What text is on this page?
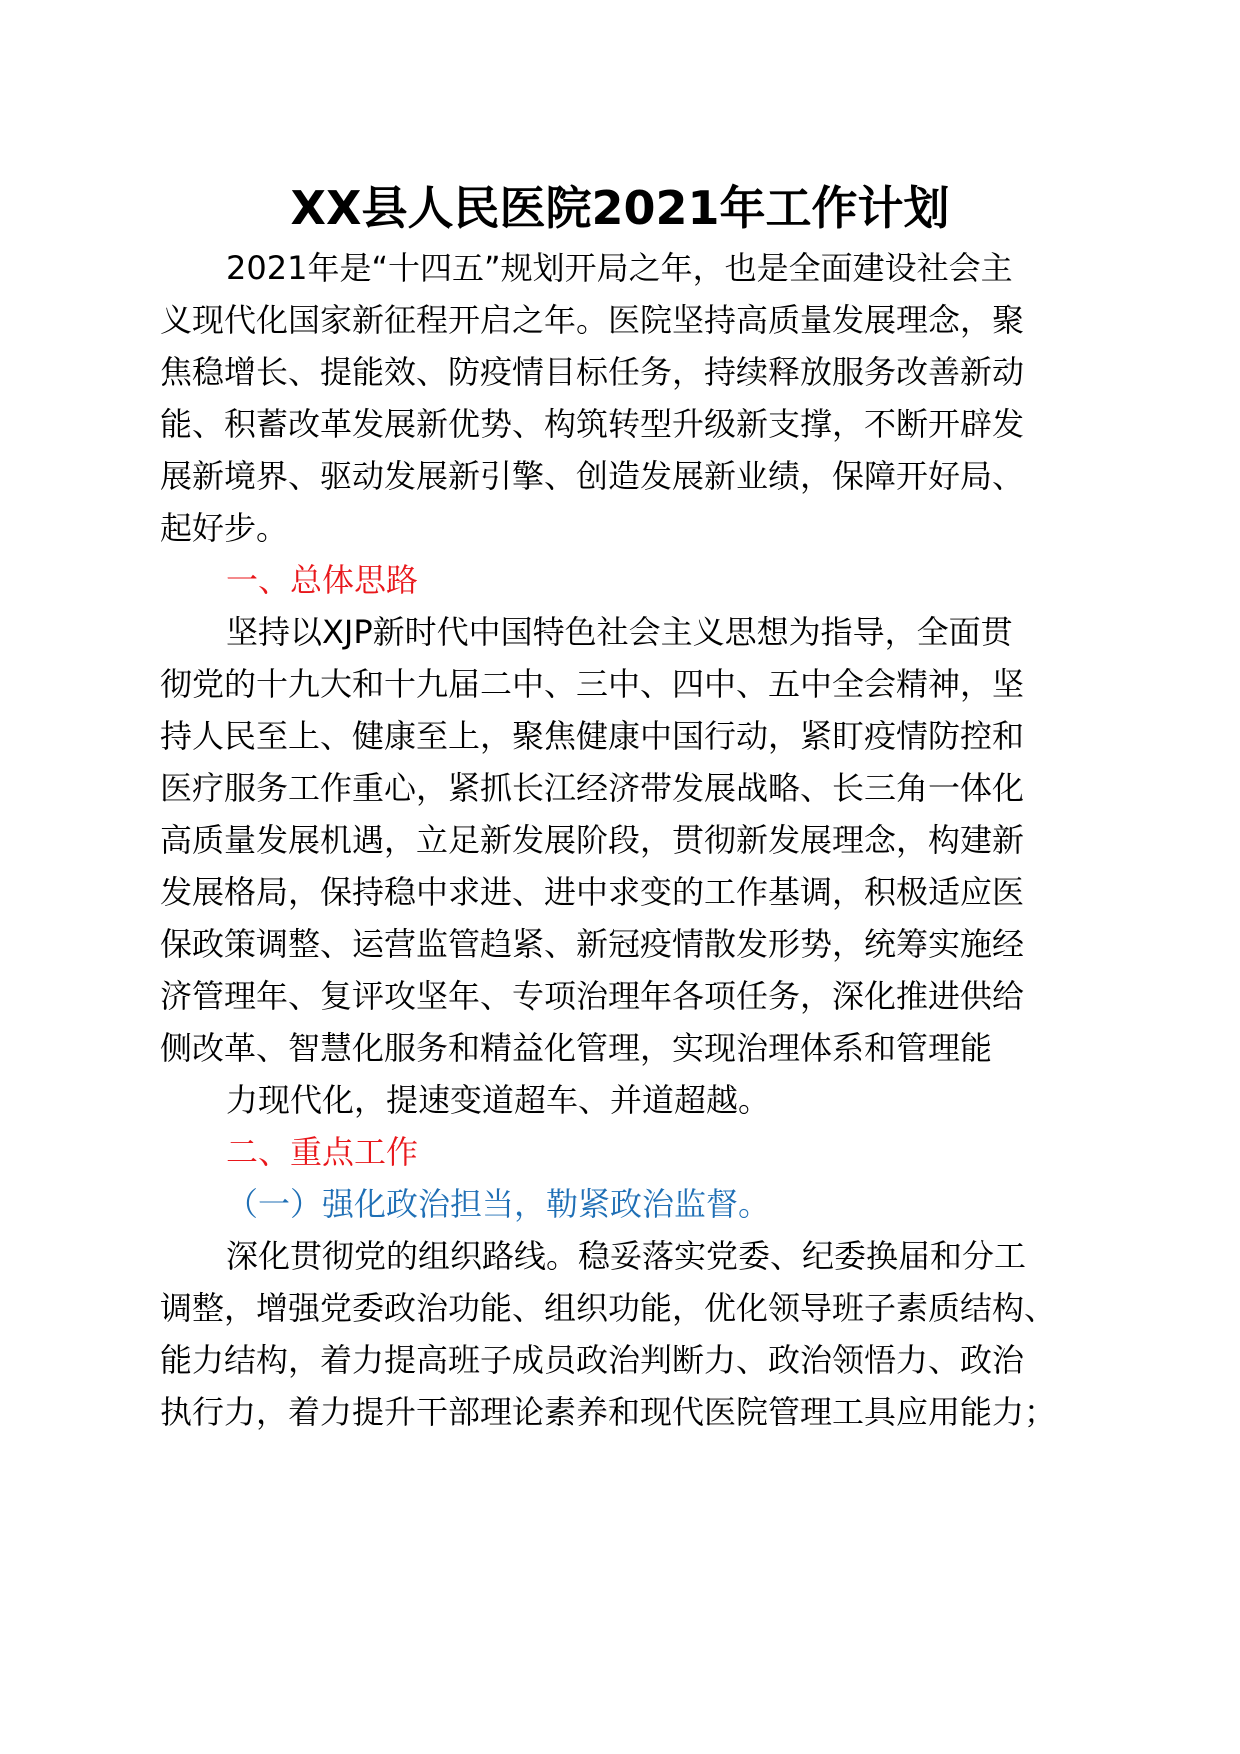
XX县人民医院2021年工作计划

2021年是“十四五”规划开局之年，也是全面建设社会主

义现代化国家新征程开启之年。医院坚持高质量发展理念，聚

焦稳增长、提能效、防疫情目标任务，持续释放服务改善新动

能、积蓄改革发展新优势、构筑转型升级新支撑，不断开辟发

展新境界、驱动发展新引擎、创造发展新业绩，保障开好局、

起好步。

一、总体思路

坚持以XJP新时代中国特色社会主义思想为指导，全面贯

彻党的十九大和十九届二中、三中、四中、五中全会精神，坚

持人民至上、健康至上，聚焦健康中国行动，紧盯疫情防控和

医疗服务工作重心，紧抓长江经济带发展战略、长三角一体化

高质量发展机遇，立足新发展阶段，贯彻新发展理念，构建新

发展格局，保持稳中求进、进中求变的工作基调，积极适应医

保政策调整、运营监管趋紧、新冠疫情散发形势，统筹实施经

济管理年、复评攻坚年、专项治理年各项任务，深化推进供给

侧改革、智慧化服务和精益化管理，实现治理体系和管理能

力现代化，提速变道超车、并道超越。

二、重点工作

（一）强化政治担当，勒紧政治监督。

深化贯彻党的组织路线。稳妥落实党委、纪委换届和分工

调整，增强党委政治功能、组织功能，优化领导班子素质结构、

能力结构，着力提高班子成员政治判断力、政治领悟力、政治

执行力，着力提升干部理论素养和现代医院管理工具应用能力；
